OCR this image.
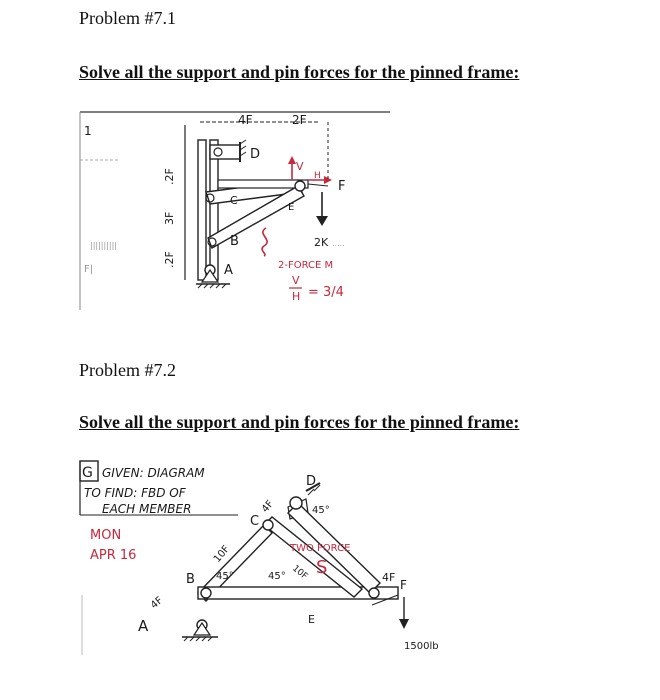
Problem #7.1
Solve all the support and pin forces for the pinned frame:
1
F|
||||||||||
.2F
3F
.2F
4F	2F
D
C
B
E
V
H
F
2K .....
2-FORCE M
V
H = 3/4
A
Problem #7.2
Solve all the support and pin forces for the pinned frame:
G GIVEN: DIAGRAM
TO FIND: FBD OF
EACH MEMBER
MON
APR 16
D
C
B
E
F
4F
10F
4F
10F	4F
45°	45°
45°
TWO FORCE
S
1500lb
A
